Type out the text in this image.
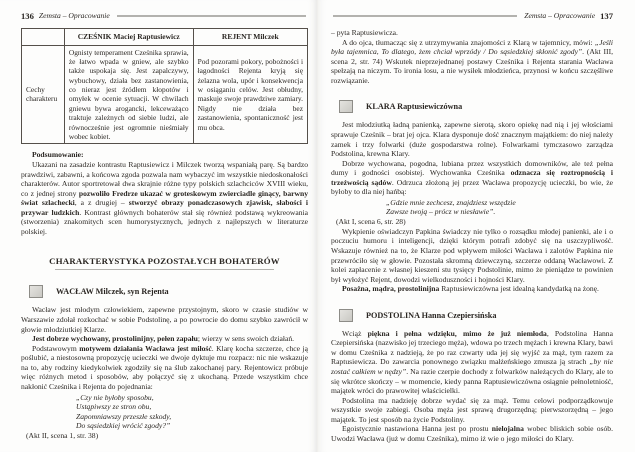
136 Zemsta – Opracowanie
	CZEŚNIK Maciej Raptusiewicz	REJENT Milczek
Cechy charakteru	Ognisty temperament Cześnika sprawia, że łatwo wpada w gniew, ale szybko także uspokaja się. Jest zapalczywy, wybuchowy, działa bez zastanowienia, co nieraz jest źródłem kłopotów i omyłek w ocenie sytuacji. W chwilach gniewu bywa arogancki, lekceważąco traktuje zależnych od siebie ludzi, ale równocześnie jest ogromnie nieśmiały wobec kobiet.	Pod pozorami pokory, pobożności i łagodności Rejenta kryją się żelazna wola, upór i konsekwencja w osiąganiu celów. Jest obłudny, maskuje swoje prawdziwe zamiary. Nigdy nie działa bez zastanowienia, spontaniczność jest mu obca.

Podsumowanie:

Ukazani na zasadzie kontrastu Raptusiewicz i Milczek tworzą wspaniałą parę. Są bardzo prawdziwi, zabawni, a końcowa zgoda pozwala nam wybaczyć im wszystkie niedoskonałości charakterów. Autor sportretował dwa skrajnie różne typy polskich szlachciców XVIII wieku, co z jednej strony pozwoliło Fredrze ukazać w groteskowym zwierciadle ginący, barwny świat szlachecki, a z drugiej – stworzyć obrazy ponadczasowych zjawisk, słabości i przywar ludzkich. Kontrast głównych bohaterów stał się również podstawą wykreowania (stworzenia) znakomitych scen humorystycznych, jednych z najlepszych w literaturze polskiej.

CHARAKTERYSTYKA POZOSTAŁYCH BOHATERÓW
WACŁAW Milczek, syn Rejenta

Wacław jest młodym człowiekiem, zapewne przystojnym, skoro w czasie studiów w Warszawie zdołał rozkochać w sobie Podstolinę, a po powrocie do domu szybko zawrócił w głowie młodziutkiej Klarze.

Jest dobrze wychowany, prostolinijny, pełen zapału; wierzy w sens swoich działań.

Podstawowym motywem działania Wacława jest miłość. Klarę kocha szczerze, chce ją poślubić, a niestosowną propozycję ucieczki we dwoje dyktuje mu rozpacz: nic nie wskazuje na to, aby rodziny kiedykolwiek zgodziły się na ślub zakochanej pary. Rejentowicz próbuje więc różnych metod i sposobów, aby połączyć się z ukochaną. Przede wszystkim chce nakłonić Cześnika i Rejenta do pojednania:

„Czy nie byłoby sposobu,
Ustąpiwszy ze stron obu,
Zapomniawszy przeszłe szkody,
Do sąsiedzkiej wrócić zgody?”

(Akt II, scena 1, str. 38)

Zemsta – Opracowanie 137

– pyta Raptusiewicza.

A do ojca, tłumacząc się z utrzymywania znajomości z Klarą w tajemnicy, mówi: „Jeśli była tajemnica, To dlatego, żem chciał wprzódy / Do sąsiedzkiej skłonić zgody”. (Akt III, scena 2, str. 74) Wskutek nieprzejednanej postawy Cześnika i Rejenta starania Wacława spełzają na niczym. To ironia losu, a nie wysiłek młodzieńca, przynosi w końcu szczęśliwe rozwiązanie.

KLARA Raptusiewiczówna

Jest młodziutką ładną panienką, zapewne sierotą, skoro opiekę nad nią i jej włościami sprawuje Cześnik – brat jej ojca. Klara dysponuje dość znacznym majątkiem: do niej należy zamek i trzy folwarki (duże gospodarstwa rolne). Folwarkami tymczasowo zarządza Podstolina, krewna Klary.

Dobrze wychowana, pogodna, lubiana przez wszystkich domowników, ale też pełna dumy i godności osobistej. Wychowanka Cześnika odznacza się roztropnością i trzeźwością sądów. Odrzuca złożoną jej przez Wacława propozycję ucieczki, bo wie, że byłoby to dla niej hańbą:

„Gdzie mnie zechcesz, znajdziesz wszędzie
Zawsze twoją – prócz w niesławie”.

(Akt I, scena 6, str. 28)

Wykpienie oświadczyn Papkina świadczy nie tylko o rozsądku młodej panienki, ale i o poczuciu humoru i inteligencji, dzięki którym potrafi zdobyć się na uszczypliwość. Wskazuje również na to, że Klarze pod wpływem miłości Wacława i zalotów Papkina nie przewróciło się w głowie. Pozostała skromną dziewczyną, szczerze oddaną Wacławowi. Z kolei zapłacenie z własnej kieszeni stu tysięcy Podstolinie, mimo że pieniądze te powinien był wyłożyć Rejent, dowodzi wielkoduszności i hojności Klary.

Posażna, mądra, prostolinijna Raptusiewiczówna jest idealną kandydatką na żonę.

PODSTOLINA Hanna Czepiersińska

Wciąż piękna i pełna wdzięku, mimo że już niemłoda, Podstolina Hanna Czepiersińska (nazwisko jej trzeciego męża), wdowa po trzech mężach i krewna Klary, bawi w domu Cześnika z nadzieją, że po raz czwarty uda jej się wyjść za mąż, tym razem za Raptusiewicza. Do zawarcia ponownego związku małżeńskiego zmusza ją strach „by nie zostać całkiem w nędzy”. Na razie czerpie dochody z folwarków należących do Klary, ale to się wkrótce skończy – w momencie, kiedy panna Raptusiewiczówna osiągnie pełnoletniość, majątek wróci do prawowitej właścicielki.

Podstolina ma nadzieję dobrze wydać się za mąż. Temu celowi podporządkowuje wszystkie swoje zabiegi. Osoba męża jest sprawą drugorzędną; pierwszorzędną – jego majątek. To jest sposób na życie Podstoliny.

Egoistycznie nastawiona Hanna jest po prostu nielojalna wobec bliskich sobie osób. Uwodzi Wacława (już w domu Cześnika), mimo iż wie o jego miłości do Klary.
